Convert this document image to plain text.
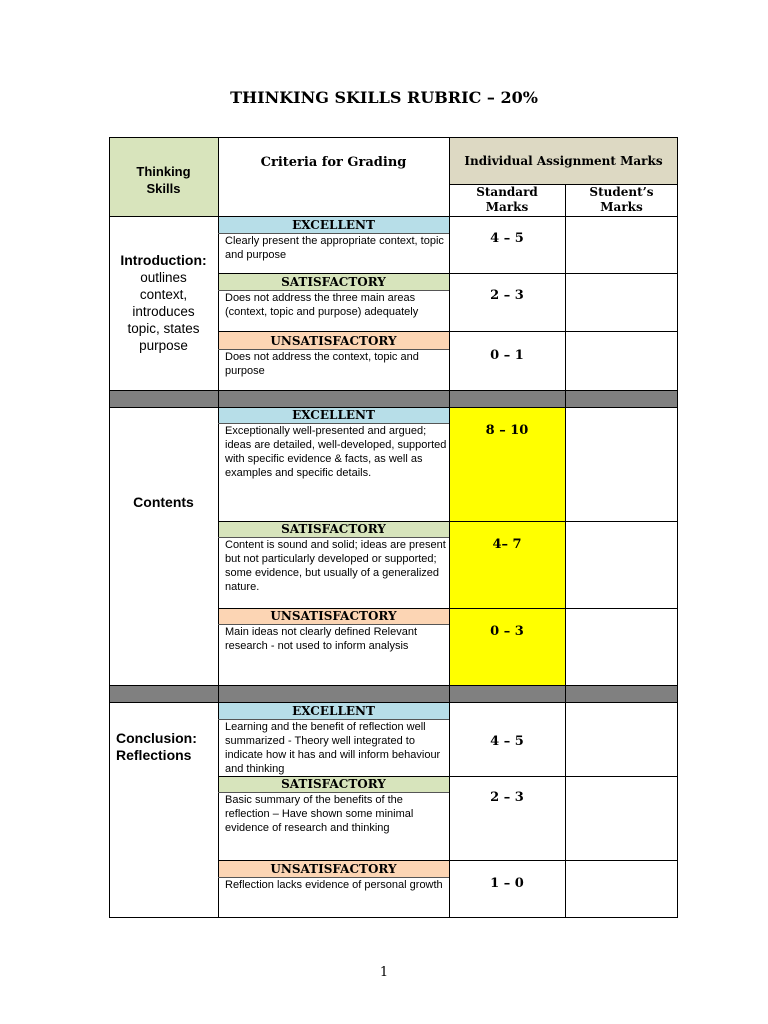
THINKING SKILLS RUBRIC – 20%
Thinking Skills
Criteria for Grading	Individual Assignment Marks
Standard Marks
Student’s Marks
Introduction:
outlines context, introduces topic, states purpose
EXCELLENT
Clearly present the appropriate context, topic and purpose
4 – 5
SATISFACTORY
Does not address the three main areas (context, topic and purpose) adequately
2 – 3
UNSATISFACTORY
Does not address the context, topic and purpose
0 – 1
Contents
EXCELLENT
Exceptionally well-presented and argued; ideas are detailed, well-developed, supported with specific evidence & facts, as well as examples and specific details.
8 – 10
SATISFACTORY
Content is sound and solid; ideas are present but not particularly developed or supported; some evidence, but usually of a generalized nature.
4– 7
UNSATISFACTORY
Main ideas not clearly defined Relevant research - not used to inform analysis
0 – 3
Conclusion: Reflections
EXCELLENT
Learning and the benefit of reflection well summarized - Theory well integrated to indicate how it has and will inform behaviour and thinking
4 – 5
SATISFACTORY
Basic summary of the benefits of the reflection – Have shown some minimal evidence of research and thinking
2 – 3
UNSATISFACTORY
Reflection lacks evidence of personal growth	1 – 0
1
